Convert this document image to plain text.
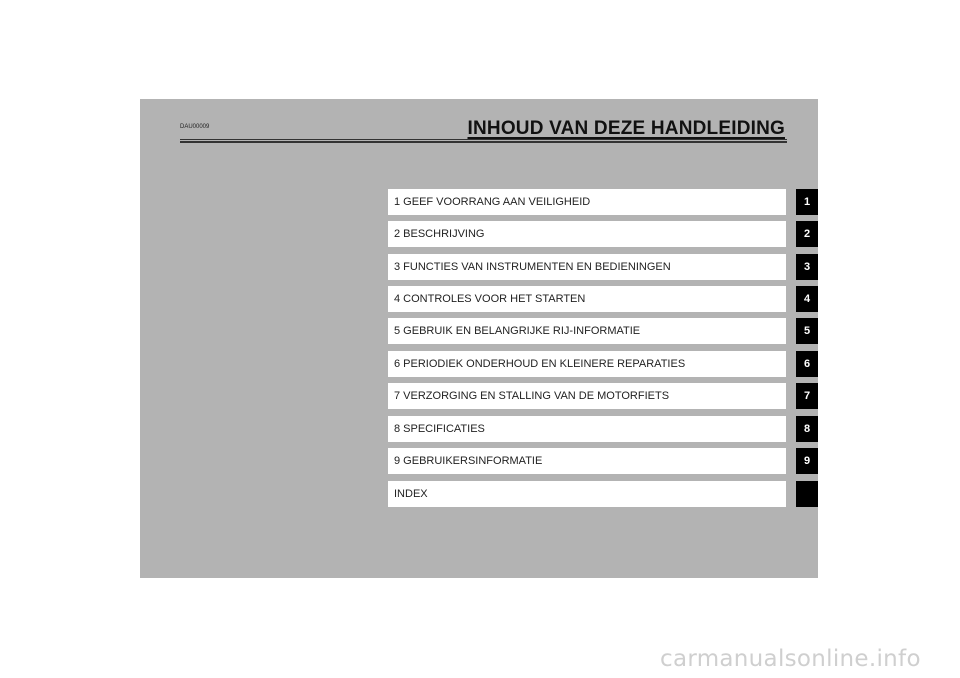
DAU00009	INHOUD VAN DEZE HANDLEIDING
1 GEEF VOORRANG AAN VEILIGHEID
2 BESCHRIJVING
3 FUNCTIES VAN INSTRUMENTEN EN BEDIENINGEN
4 CONTROLES VOOR HET STARTEN
5 GEBRUIK EN BELANGRIJKE RIJ-INFORMATIE
6 PERIODIEK ONDERHOUD EN KLEINERE REPARATIES
7 VERZORGING EN STALLING VAN DE MOTORFIETS
8 SPECIFICATIES
9 GEBRUIKERSINFORMATIE
INDEX
1
2
3
4
5
6
7
8
9
carmanualsonline.info
